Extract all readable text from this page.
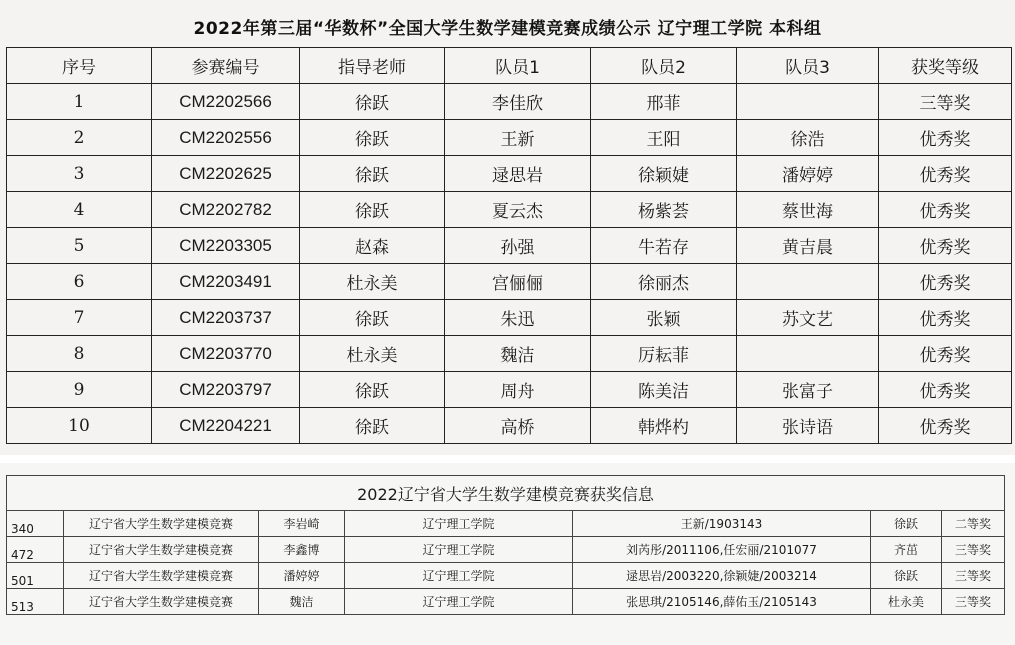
2022年第三届“华数杯”全国大学生数学建模竞赛成绩公示 辽宁理工学院 本科组
序号	参赛编号	指导老师	队员1	队员2	队员3	获奖等级
1	CM2202566	徐跃	李佳欣	邢菲		三等奖
2	CM2202556	徐跃	王新	王阳	徐浩	优秀奖
3	CM2202625	徐跃	逯思岩	徐颖婕	潘婷婷	优秀奖
4	CM2202782	徐跃	夏云杰	杨紫荟	蔡世海	优秀奖
5	CM2203305	赵森	孙强	牛若存	黄吉晨	优秀奖
6	CM2203491	杜永美	宫俪俪	徐丽杰		优秀奖
7	CM2203737	徐跃	朱迅	张颖	苏文艺	优秀奖
8	CM2203770	杜永美	魏洁	厉耘菲		优秀奖
9	CM2203797	徐跃	周舟	陈美洁	张富子	优秀奖
10	CM2204221	徐跃	高桥	韩烨杓	张诗语	优秀奖
2022辽宁省大学生数学建模竞赛获奖信息						
340	辽宁省大学生数学建模竞赛	李岩崎	辽宁理工学院	王新/1903143	徐跃	二等奖
472	辽宁省大学生数学建模竞赛	李鑫博	辽宁理工学院	刘芮彤/2011106,任宏丽/2101077	齐茁	三等奖
501	辽宁省大学生数学建模竞赛	潘婷婷	辽宁理工学院	逯思岩/2003220,徐颖婕/2003214	徐跃	三等奖
513	辽宁省大学生数学建模竞赛	魏洁	辽宁理工学院	张思琪/2105146,薛佑玉/2105143	杜永美	三等奖
